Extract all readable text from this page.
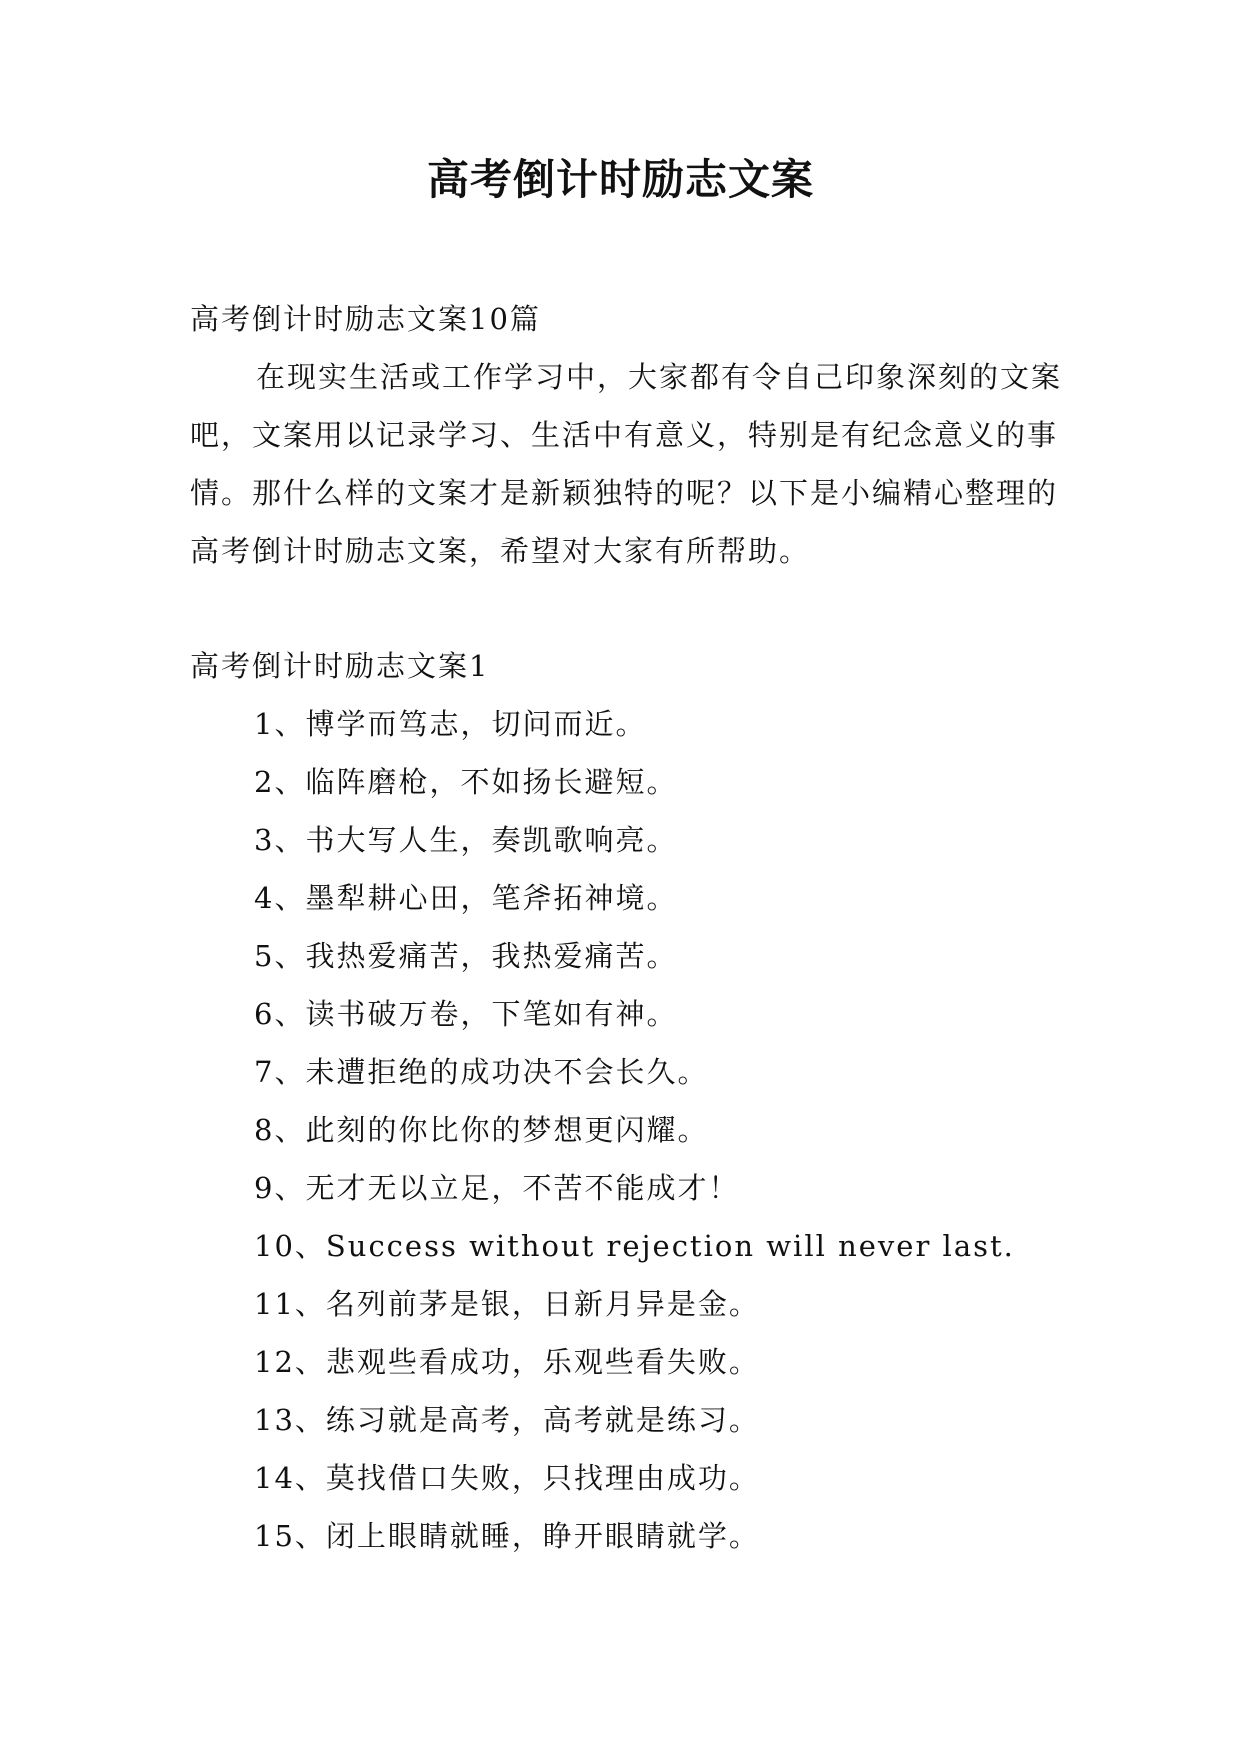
高考倒计时励志文案

高考倒计时励志文案10篇

在现实生活或工作学习中，大家都有令自己印象深刻的文案吧，文案用以记录学习、生活中有意义，特别是有纪念意义的事情。那什么样的文案才是新颖独特的呢？以下是小编精心整理的高考倒计时励志文案，希望对大家有所帮助。

高考倒计时励志文案1

1、博学而笃志，切问而近。
2、临阵磨枪，不如扬长避短。
3、书大写人生，奏凯歌响亮。
4、墨犁耕心田，笔斧拓神境。
5、我热爱痛苦，我热爱痛苦。
6、读书破万卷，下笔如有神。
7、未遭拒绝的成功决不会长久。
8、此刻的你比你的梦想更闪耀。
9、无才无以立足，不苦不能成才！
10、Success without rejection will never last.
11、名列前茅是银，日新月异是金。
12、悲观些看成功，乐观些看失败。
13、练习就是高考，高考就是练习。
14、莫找借口失败，只找理由成功。
15、闭上眼睛就睡，睁开眼睛就学。
